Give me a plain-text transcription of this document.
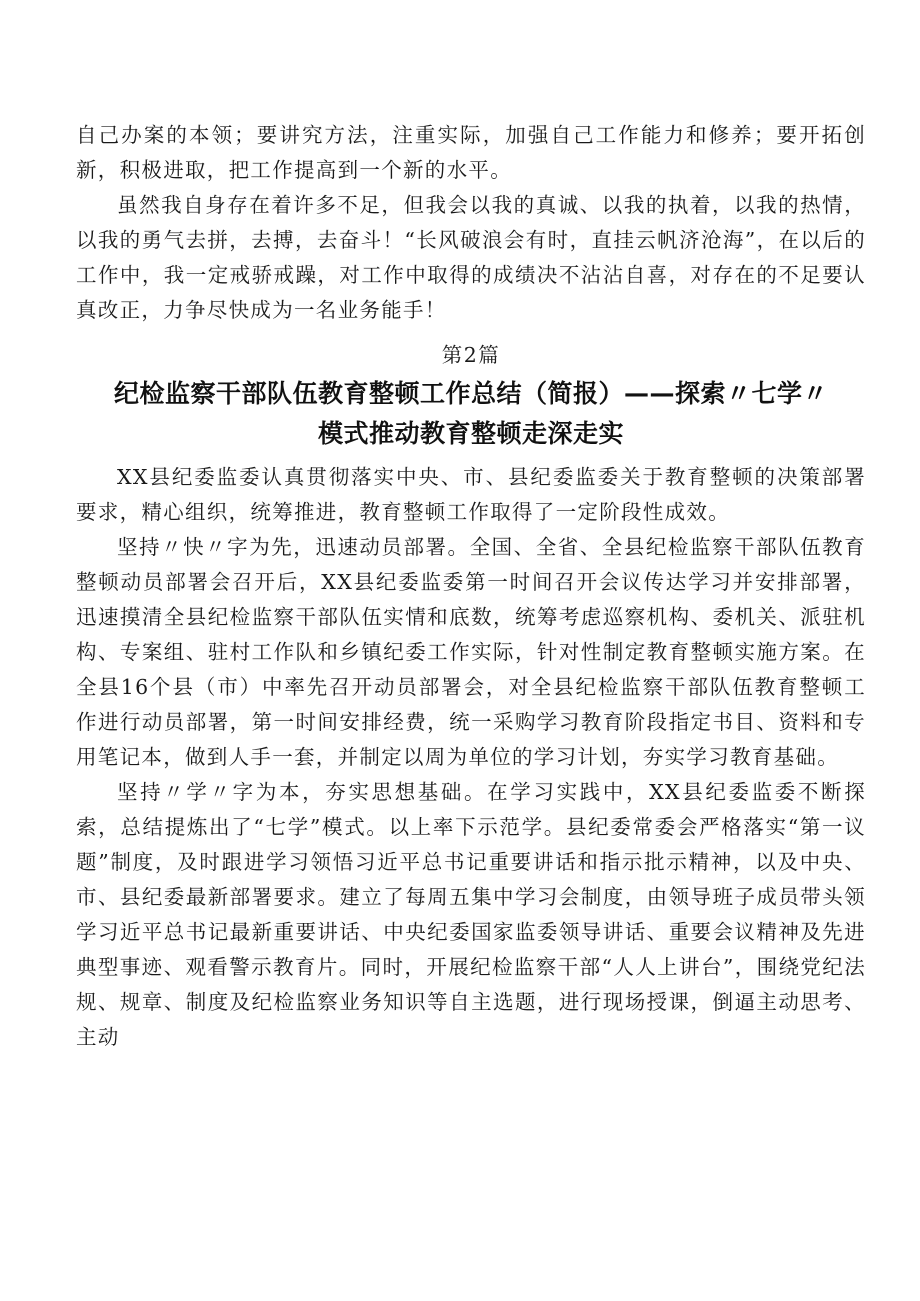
自己办案的本领；要讲究方法，注重实际，加强自己工作能力和修养；要开拓创新，积极进取，把工作提高到一个新的水平。

虽然我自身存在着许多不足，但我会以我的真诚、以我的执着，以我的热情，以我的勇气去拼，去搏，去奋斗！“长风破浪会有时，直挂云帆济沧海”，在以后的工作中，我一定戒骄戒躁，对工作中取得的成绩决不沾沾自喜，对存在的不足要认真改正，力争尽快成为一名业务能手！

第2篇
纪检监察干部队伍教育整顿工作总结（简报）——探索〃七学〃
模式推动教育整顿走深走实

XX县纪委监委认真贯彻落实中央、市、县纪委监委关于教育整顿的决策部署要求，精心组织，统筹推进，教育整顿工作取得了一定阶段性成效。

坚持〃快〃字为先，迅速动员部署。全国、全省、全县纪检监察干部队伍教育整顿动员部署会召开后，XX县纪委监委第一时间召开会议传达学习并安排部署，迅速摸清全县纪检监察干部队伍实情和底数，统筹考虑巡察机构、委机关、派驻机构、专案组、驻村工作队和乡镇纪委工作实际，针对性制定教育整顿实施方案。在全县16个县（市）中率先召开动员部署会，对全县纪检监察干部队伍教育整顿工作进行动员部署，第一时间安排经费，统一采购学习教育阶段指定书目、资料和专用笔记本，做到人手一套，并制定以周为单位的学习计划，夯实学习教育基础。

坚持〃学〃字为本，夯实思想基础。在学习实践中，XX县纪委监委不断探索，总结提炼出了“七学”模式。以上率下示范学。县纪委常委会严格落实“第一议题”制度，及时跟进学习领悟习近平总书记重要讲话和指示批示精神，以及中央、市、县纪委最新部署要求。建立了每周五集中学习会制度，由领导班子成员带头领学习近平总书记最新重要讲话、中央纪委国家监委领导讲话、重要会议精神及先进典型事迹、观看警示教育片。同时，开展纪检监察干部“人人上讲台”，围绕党纪法规、规章、制度及纪检监察业务知识等自主选题，进行现场授课，倒逼主动思考、主动
